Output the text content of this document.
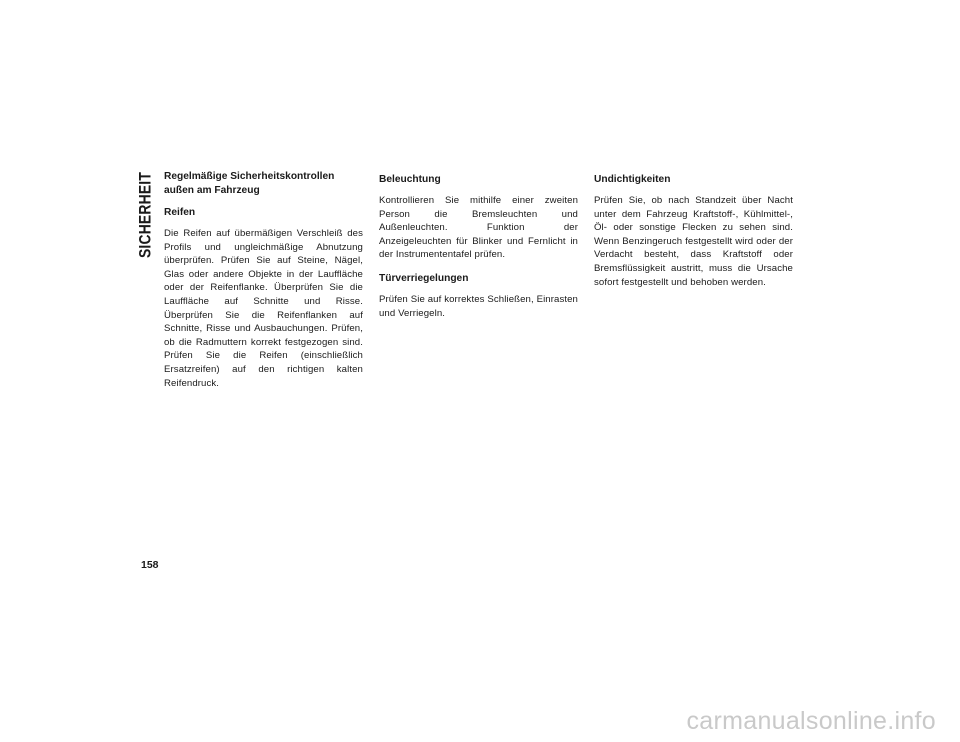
SICHERHEIT Regelmäßige Sicherheitskontrollen außen am Fahrzeug
Reifen
Die Reifen auf übermäßigen Verschleiß des Profils und ungleichmäßige Abnutzung überprüfen. Prüfen Sie auf Steine, Nägel, Glas oder andere Objekte in der Lauffläche oder der Reifenflanke. Überprüfen Sie die Lauffläche auf Schnitte und Risse. Überprüfen Sie die Reifenflanken auf Schnitte, Risse und Ausbauchungen. Prüfen, ob die Radmuttern korrekt festgezogen sind. Prüfen Sie die Reifen (einschließlich Ersatzreifen) auf den richtigen kalten Reifendruck.
Beleuchtung
Kontrollieren Sie mithilfe einer zweiten Person die Bremsleuchten und Außenleuchten. Funktion der Anzeigeleuchten für Blinker und Fernlicht in der Instrumententafel prüfen.
Türverriegelungen
Prüfen Sie auf korrektes Schließen, Einrasten und Verriegeln.
Undichtigkeiten
Prüfen Sie, ob nach Standzeit über Nacht unter dem Fahrzeug Kraftstoff-, Kühlmittel-, Öl- oder sonstige Flecken zu sehen sind. Wenn Benzingeruch festgestellt wird oder der Verdacht besteht, dass Kraftstoff oder Bremsflüssigkeit austritt, muss die Ursache sofort festgestellt und behoben werden.
158
carmanualsonline.info
